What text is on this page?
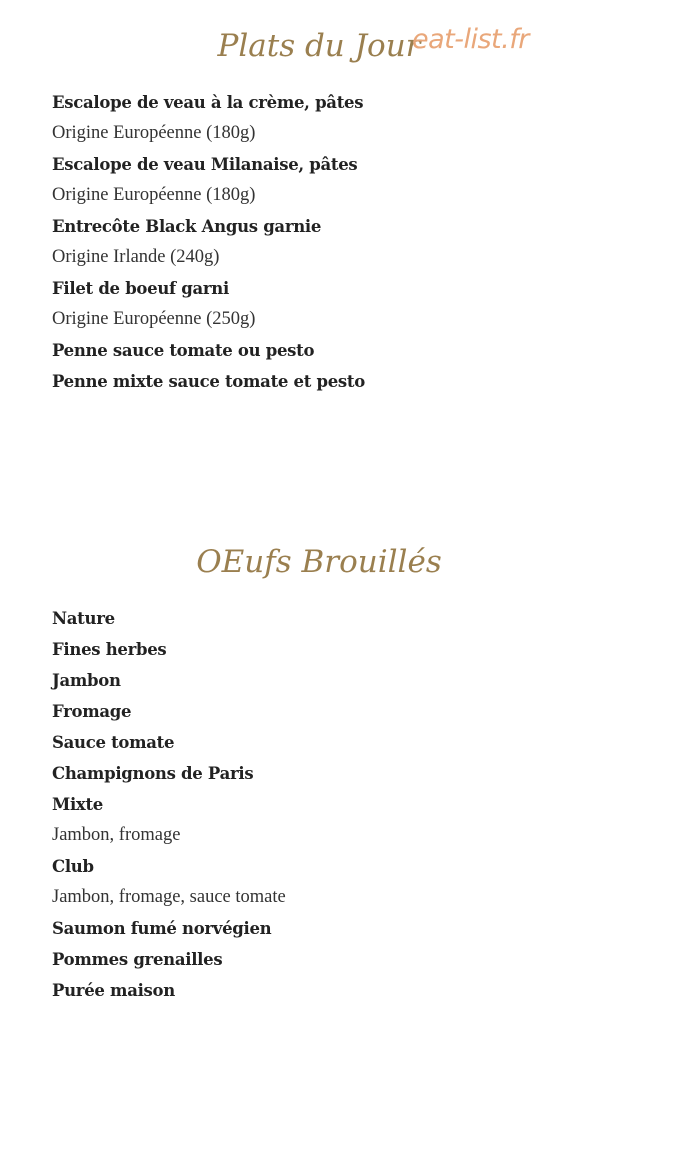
Plats du Jour
eat-list.fr
Escalope de veau à la crème, pâtes
Origine Européenne (180g)
Escalope de veau Milanaise, pâtes
Origine Européenne (180g)
Entrecôte Black Angus garnie
Origine Irlande (240g)
Filet de boeuf garni
Origine Européenne (250g)
Penne sauce tomate ou pesto
Penne mixte sauce tomate et pesto
OEufs Brouillés
Nature
Fines herbes
Jambon
Fromage
Sauce tomate
Champignons de Paris
Mixte
Jambon, fromage
Club
Jambon, fromage, sauce tomate
Saumon fumé norvégien
Pommes grenailles
Purée maison
